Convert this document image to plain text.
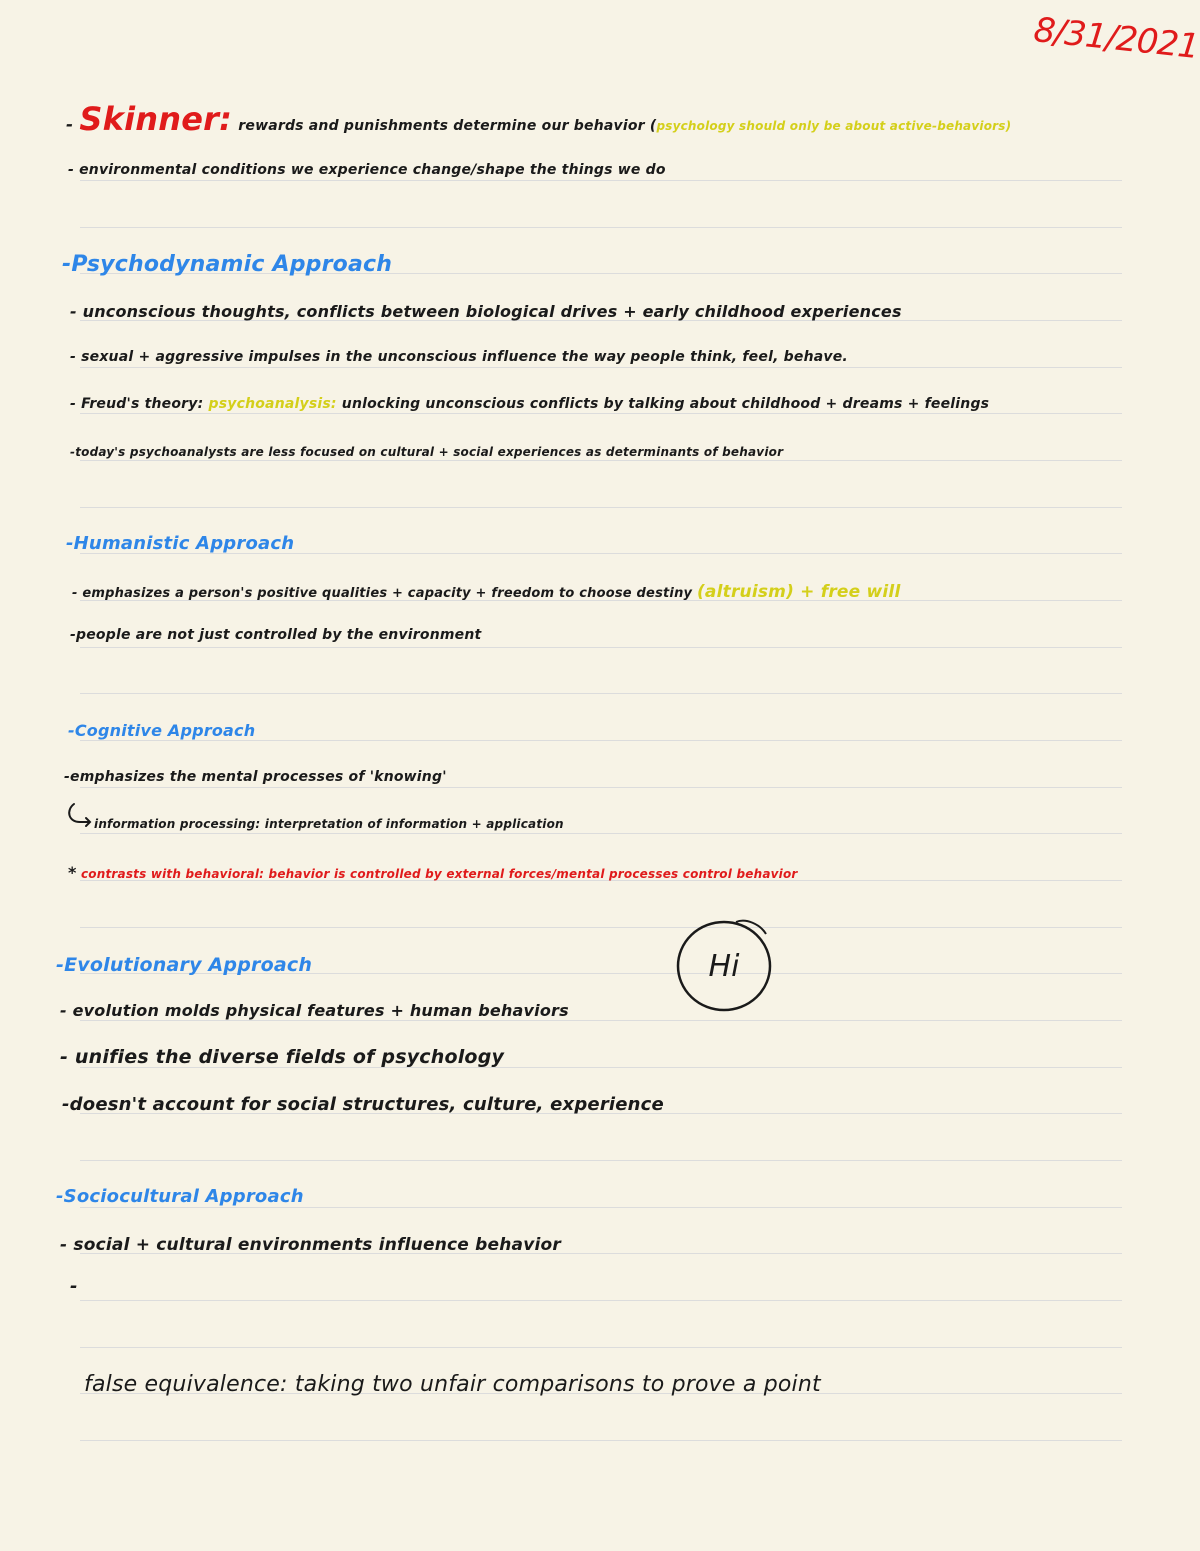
8/31/2021
- Skinner: rewards and punishments determine our behavior (psychology should only be about active-behaviors)
- environmental conditions we experience change/shape the things we do
-Psychodynamic Approach
- unconscious thoughts, conflicts between biological drives + early childhood experiences
- sexual + aggressive impulses in the unconscious influence the way people think, feel, behave.
- Freud's theory: psychoanalysis: unlocking unconscious conflicts by talking about childhood + dreams + feelings
-today's psychoanalysts are less focused on cultural + social experiences as determinants of behavior
-Humanistic Approach
- emphasizes a person's positive qualities + capacity + freedom to choose destiny (altruism) + free will
-people are not just controlled by the environment
-Cognitive Approach
-emphasizes the mental processes of 'knowing'
information processing: interpretation of information + application
* contrasts with behavioral: behavior is controlled by external forces/mental processes control behavior
-Evolutionary Approach
- evolution molds physical features + human behaviors
- unifies the diverse fields of psychology
-doesn't account for social structures, culture, experience
Hi
-Sociocultural Approach
- social + cultural environments influence behavior
-
false equivalence: taking two unfair comparisons to prove a point
